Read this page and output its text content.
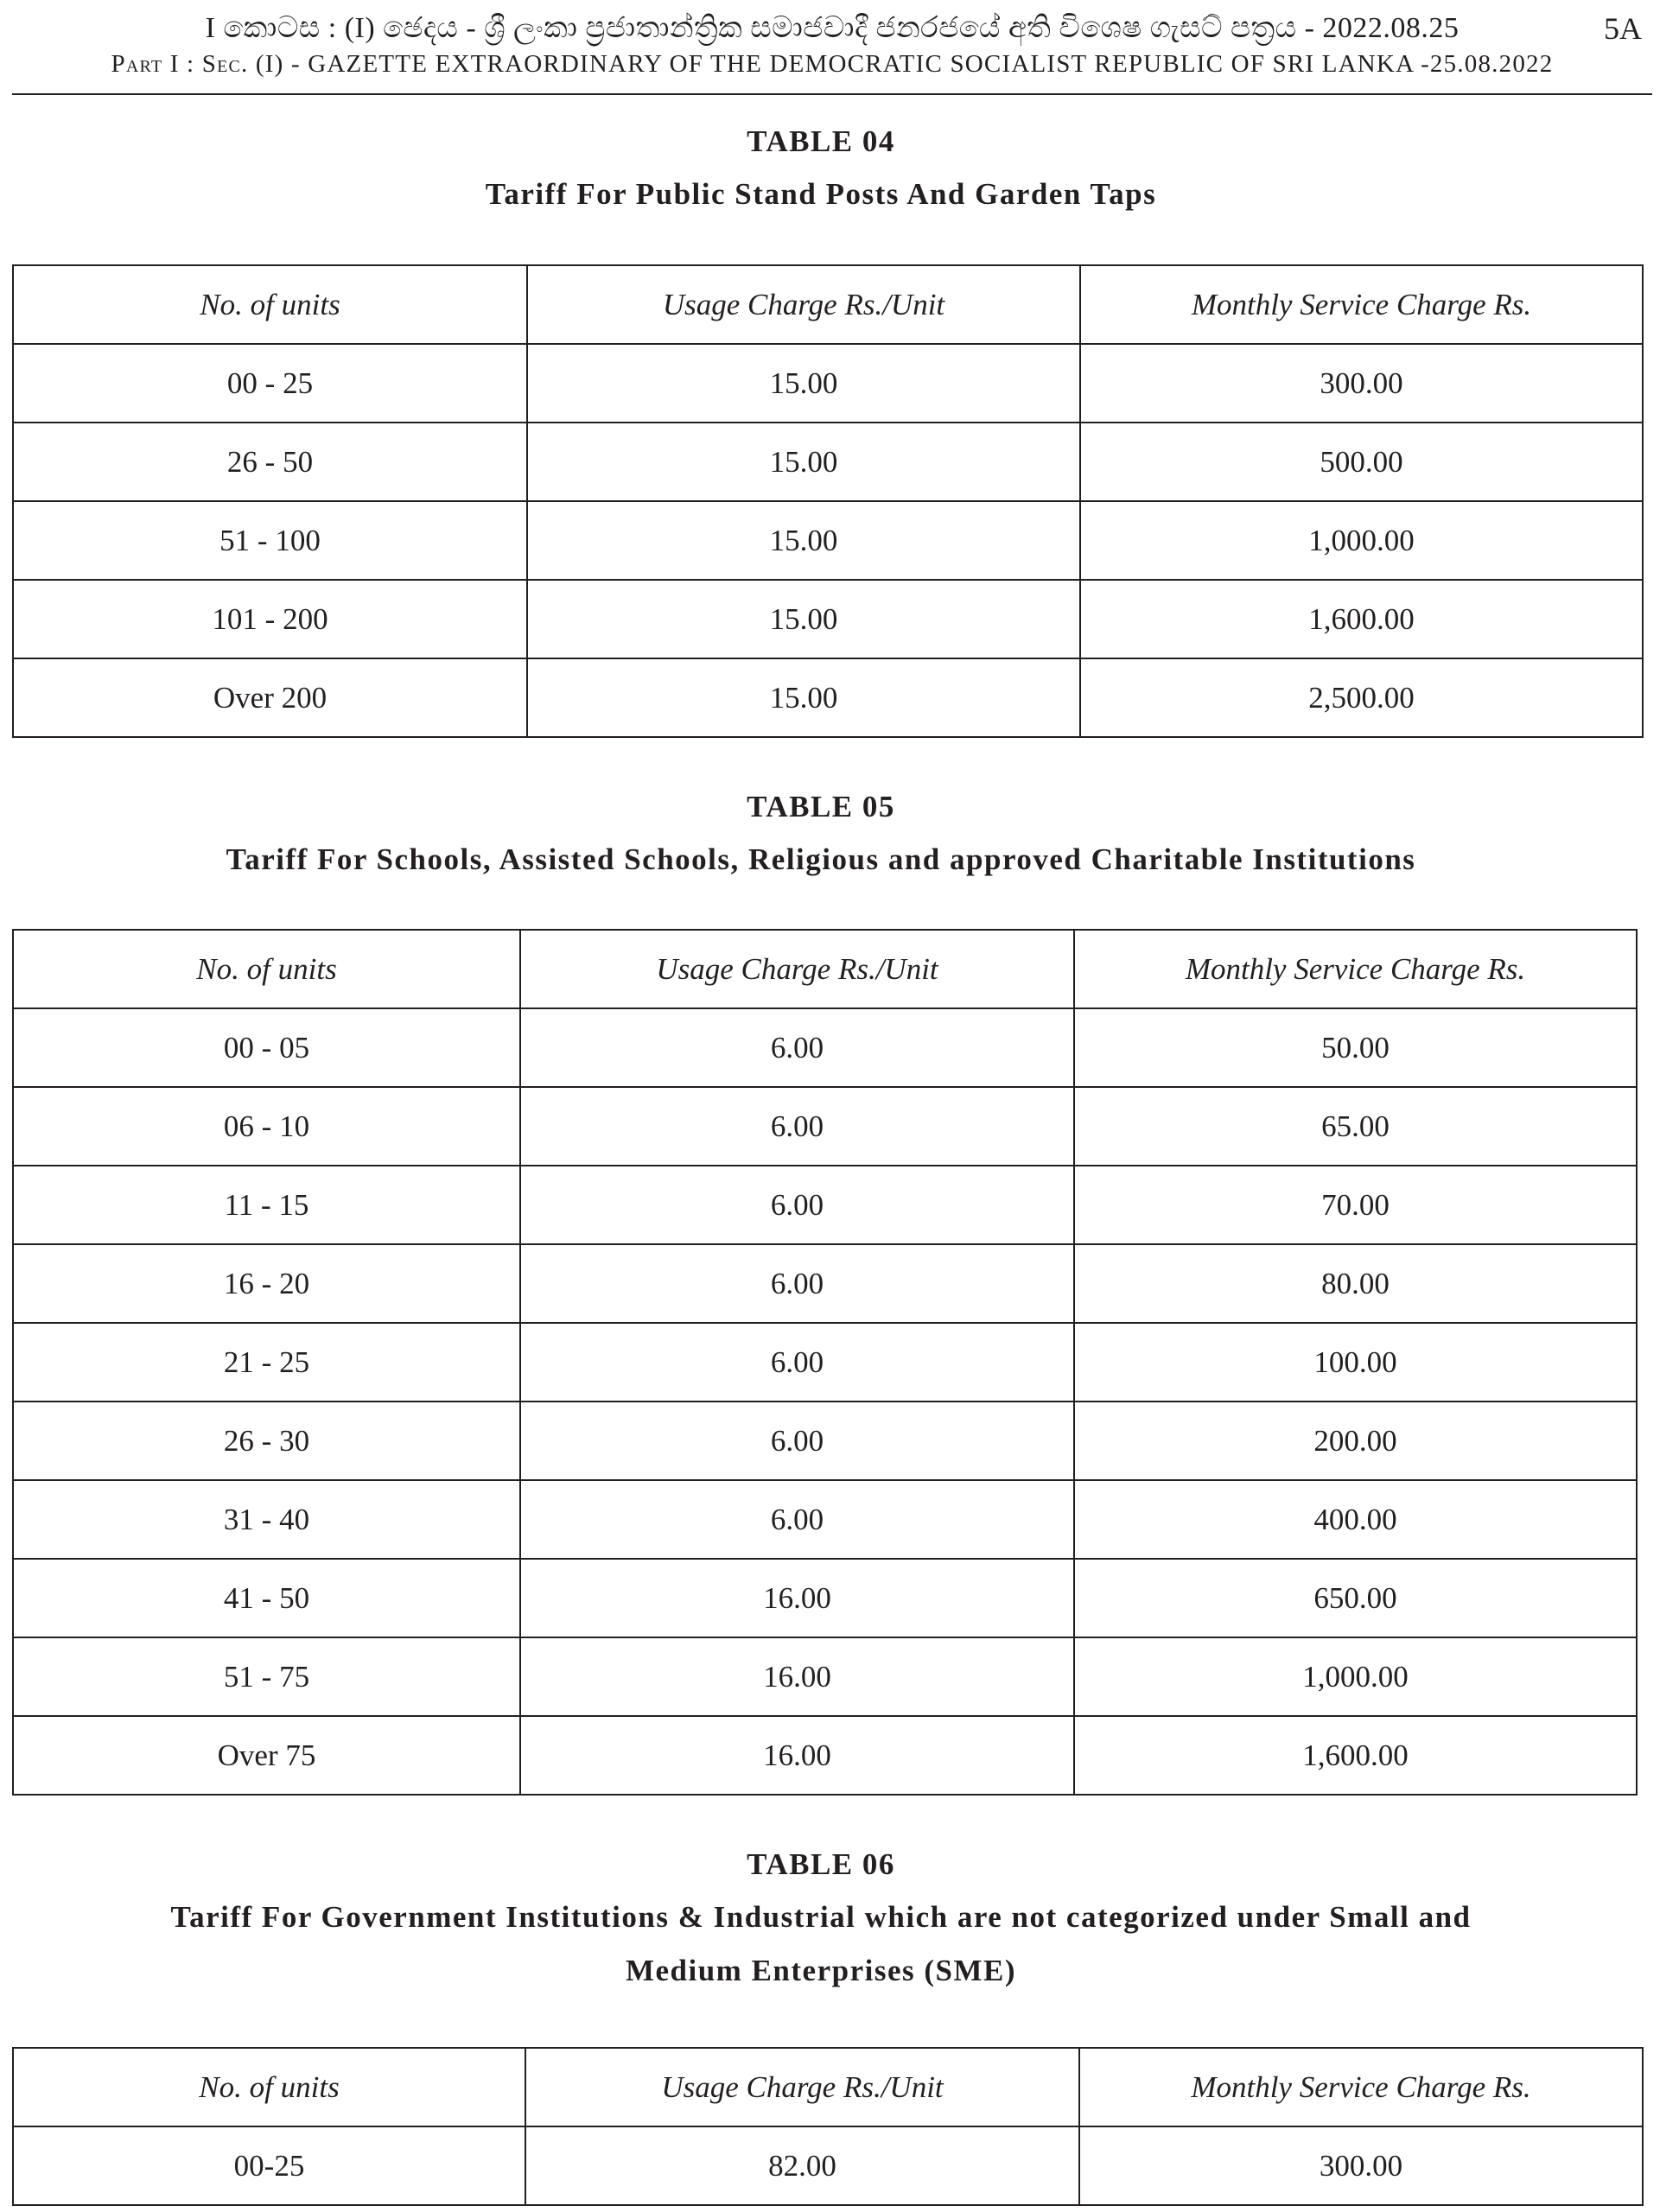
I කොටස : (I) ඡෙදය - ශ්‍රී ලංකා ප්‍රජාතාන්ත්‍රික සමාජවාදී ජනරජයේ අති විශෙෂ ගැසට් පත්‍රය - 2022.08.25
Part I : Sec. (I) - GAZETTE EXTRAORDINARY OF THE DEMOCRATIC SOCIALIST REPUBLIC OF SRI LANKA -25.08.2022
5A
TABLE 04
Tariff For Public Stand Posts And Garden Taps
No. of units	Usage Charge Rs./Unit	Monthly Service Charge Rs.
00 - 25	15.00	300.00
26 - 50	15.00	500.00
51 - 100	15.00	1,000.00
101 - 200	15.00	1,600.00
Over 200	15.00	2,500.00
TABLE 05
Tariff For Schools, Assisted Schools, Religious and approved Charitable Institutions
No. of units	Usage Charge Rs./Unit	Monthly Service Charge Rs.
00 - 05	6.00	50.00
06 - 10	6.00	65.00
11 - 15	6.00	70.00
16 - 20	6.00	80.00
21 - 25	6.00	100.00
26 - 30	6.00	200.00
31 - 40	6.00	400.00
41 - 50	16.00	650.00
51 - 75	16.00	1,000.00
Over 75	16.00	1,600.00
TABLE 06
Tariff For Government Institutions & Industrial which are not categorized under Small and
Medium Enterprises (SME)
No. of units	Usage Charge Rs./Unit	Monthly Service Charge Rs.
00-25	82.00	300.00
